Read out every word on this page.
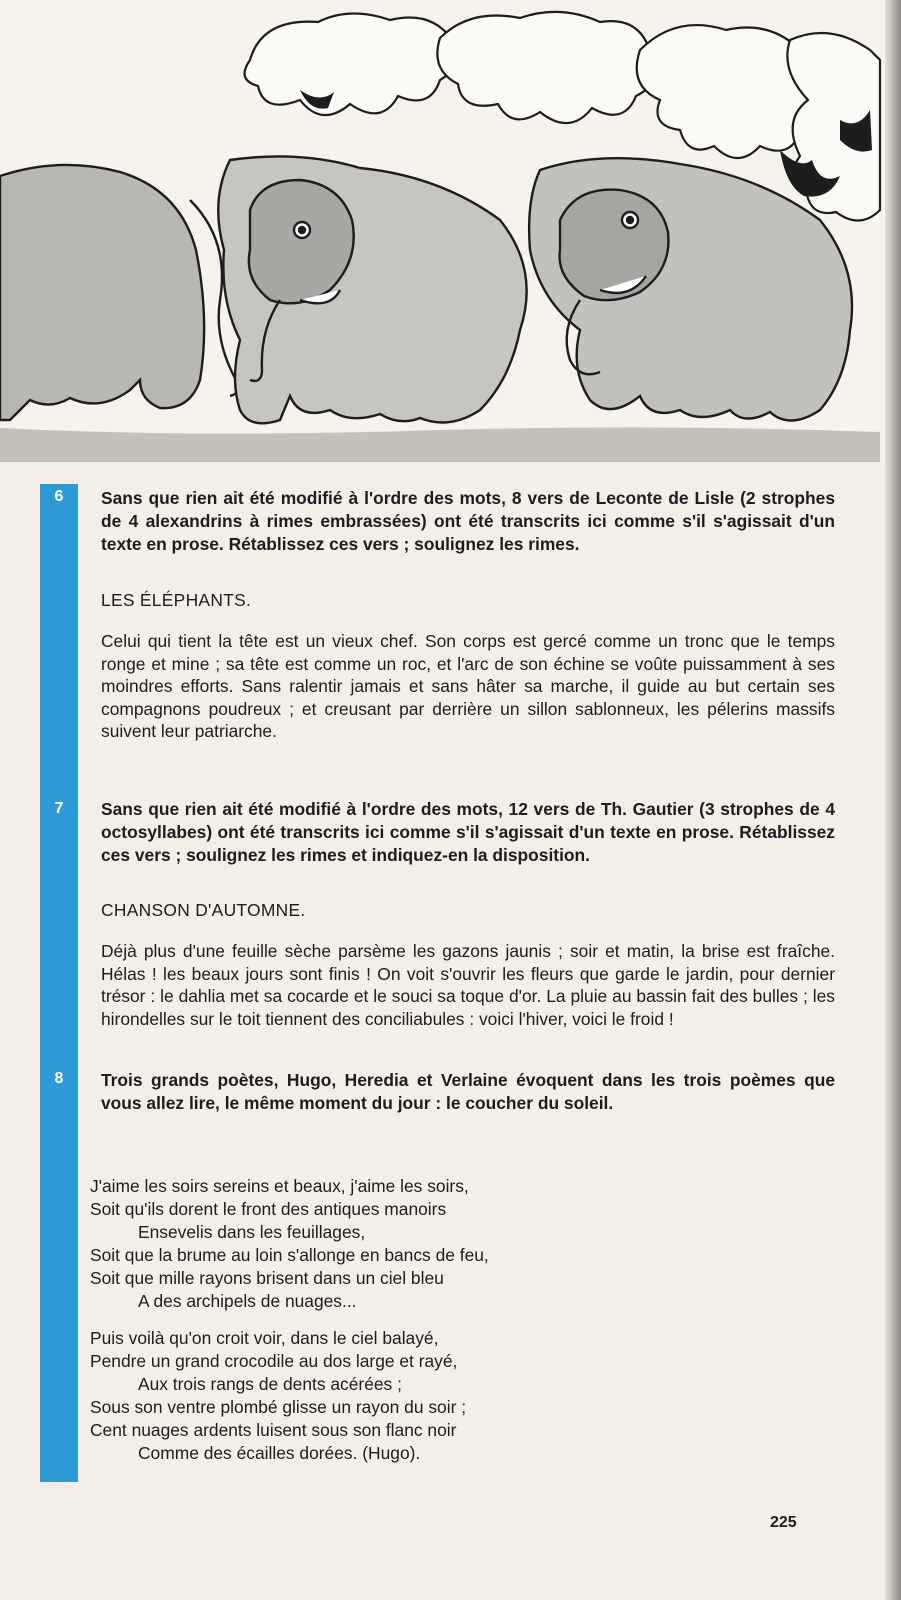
6	Sans que rien ait été modifié à l'ordre des mots, 8 vers de Leconte de Lisle (2 strophes de 4 alexandrins à rimes embrassées) ont été transcrits ici comme s'il s'agissait d'un texte en prose. Rétablissez ces vers ; soulignez les rimes.

LES ÉLÉPHANTS.

Celui qui tient la tête est un vieux chef. Son corps est gercé comme un tronc que le temps ronge et mine ; sa tête est comme un roc, et l'arc de son échine se voûte puissamment à ses moindres efforts. Sans ralentir jamais et sans hâter sa marche, il guide au but certain ses compagnons poudreux ; et creusant par derrière un sillon sablonneux, les pélerins massifs suivent leur patriarche.

7	Sans que rien ait été modifié à l'ordre des mots, 12 vers de Th. Gautier (3 strophes de 4 octosyllabes) ont été transcrits ici comme s'il s'agissait d'un texte en prose. Rétablissez ces vers ; soulignez les rimes et indiquez-en la disposition.

CHANSON D'AUTOMNE.

Déjà plus d'une feuille sèche parsème les gazons jaunis ; soir et matin, la brise est fraîche. Hélas ! les beaux jours sont finis ! On voit s'ouvrir les fleurs que garde le jardin, pour dernier trésor : le dahlia met sa cocarde et le souci sa toque d'or. La pluie au bassin fait des bulles ; les hirondelles sur le toit tiennent des conciliabules : voici l'hiver, voici le froid !

8	Trois grands poètes, Hugo, Heredia et Verlaine évoquent dans les trois poèmes que vous allez lire, le même moment du jour : le coucher du soleil.

J'aime les soirs sereins et beaux, j'aime les soirs,
Soit qu'ils dorent le front des antiques manoirs
Ensevelis dans les feuillages,
Soit que la brume au loin s'allonge en bancs de feu,
Soit que mille rayons brisent dans un ciel bleu
A des archipels de nuages...
Puis voilà qu'on croit voir, dans le ciel balayé,
Pendre un grand crocodile au dos large et rayé,
Aux trois rangs de dents acérées ;
Sous son ventre plombé glisse un rayon du soir ;
Cent nuages ardents luisent sous son flanc noir
Comme des écailles dorées. (Hugo).
225
